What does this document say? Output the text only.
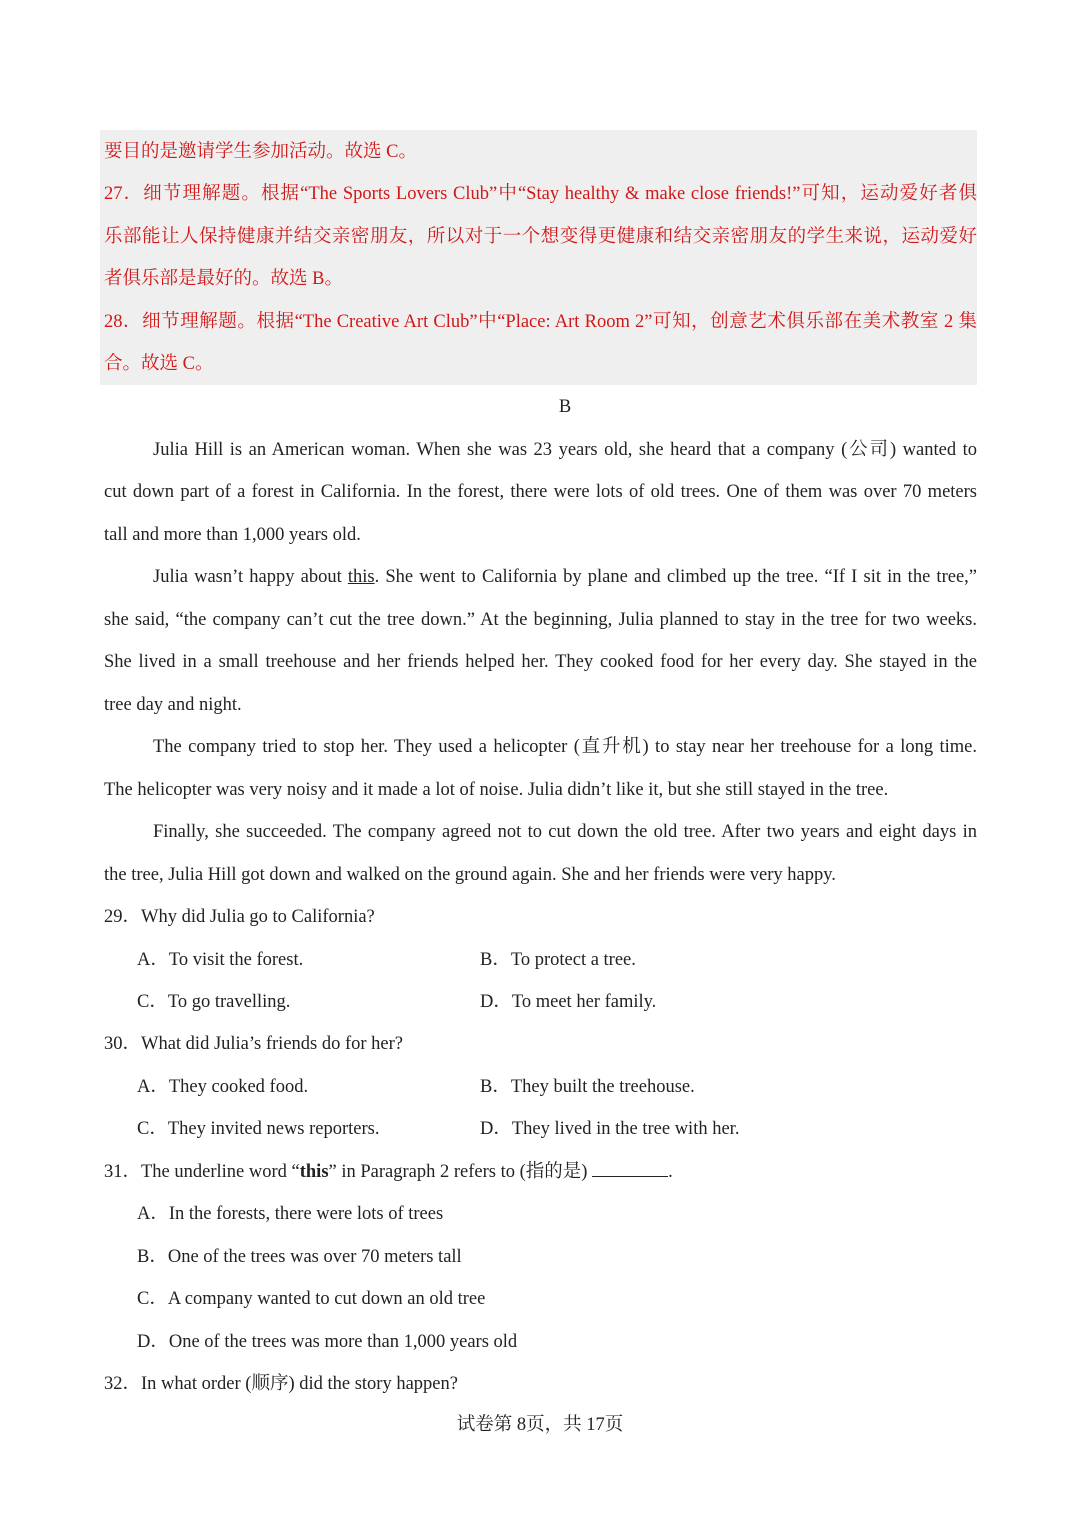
要目的是邀请学生参加活动。故选 C。
27．细节理解题。根据“The Sports Lovers Club”中“Stay healthy & make close friends!”可知，运动爱好者俱
乐部能让人保持健康并结交亲密朋友，所以对于一个想变得更健康和结交亲密朋友的学生来说，运动爱好
者俱乐部是最好的。故选 B。
28．细节理解题。根据“The Creative Art Club”中“Place: Art Room 2”可知，创意艺术俱乐部在美术教室 2 集
合。故选 C。
B
Julia Hill is an American woman. When she was 23 years old, she heard that a company (公司) wanted to
cut down part of a forest in California. In the forest, there were lots of old trees. One of them was over 70 meters
tall and more than 1,000 years old.
Julia wasn’t happy about this. She went to California by plane and climbed up the tree. “If I sit in the tree,”
she said, “the company can’t cut the tree down.” At the beginning, Julia planned to stay in the tree for two weeks.
She lived in a small treehouse and her friends helped her. They cooked food for her every day. She stayed in the
tree day and night.
The company tried to stop her. They used a helicopter (直升机) to stay near her treehouse for a long time.
The helicopter was very noisy and it made a lot of noise. Julia didn’t like it, but she still stayed in the tree.
Finally, she succeeded. The company agreed not to cut down the old tree. After two years and eight days in
the tree, Julia Hill got down and walked on the ground again. She and her friends were very happy.
29．Why did Julia go to California?
A．To visit the forest.	B．To protect a tree.
C．To go travelling.	D．To meet her family.
30．What did Julia’s friends do for her?
A．They cooked food.	B．They built the treehouse.
C．They invited news reporters.	D．They lived in the tree with her.
31．The underline word “this” in Paragraph 2 refers to (指的是)	.
A．In the forests, there were lots of trees
B．One of the trees was over 70 meters tall
C．A company wanted to cut down an old tree
D．One of the trees was more than 1,000 years old
32．In what order (顺序) did the story happen?
试卷第 8页，共 17页
